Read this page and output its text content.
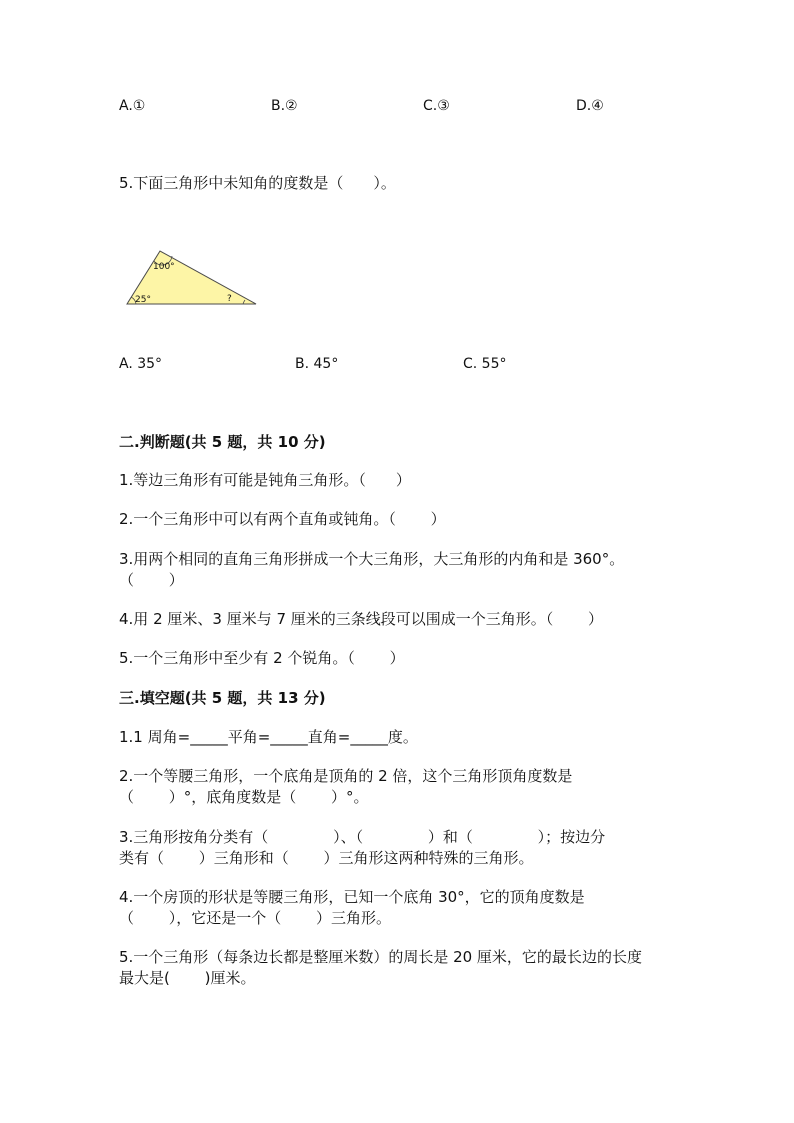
A.①	B.②	C.③	D.④
5.下面三角形中未知角的度数是（　　）。
100°
25°	?
A. 35°	B. 45°	C. 55°
二.判断题(共 5 题，共 10 分)
1.等边三角形有可能是钝角三角形。（　　）
2.一个三角形中可以有两个直角或钝角。（　　 ）
3.用两个相同的直角三角形拼成一个大三角形，大三角形的内角和是 360°。
（　　 ）
4.用 2 厘米、3 厘米与 7 厘米的三条线段可以围成一个三角形。（　　 ）
5.一个三角形中至少有 2 个锐角。（　　 ）
三.填空题(共 5 题，共 13 分)
1.1 周角=_____平角=_____直角=_____度。
2.一个等腰三角形，一个底角是顶角的 2 倍，这个三角形顶角度数是
（　　 ）°，底角度数是（　　 ）°。
3.三角形按角分类有（　　　　 ）、（　　　　 ）和（　　　　 ）；按边分
类有（　　 ）三角形和（　　 ）三角形这两种特殊的三角形。
4.一个房顶的形状是等腰三角形，已知一个底角 30°，它的顶角度数是
（　　 ），它还是一个（　　 ）三角形。
5.一个三角形（每条边长都是整厘米数）的周长是 20 厘米，它的最长边的长度
最大是(　　 )厘米。
